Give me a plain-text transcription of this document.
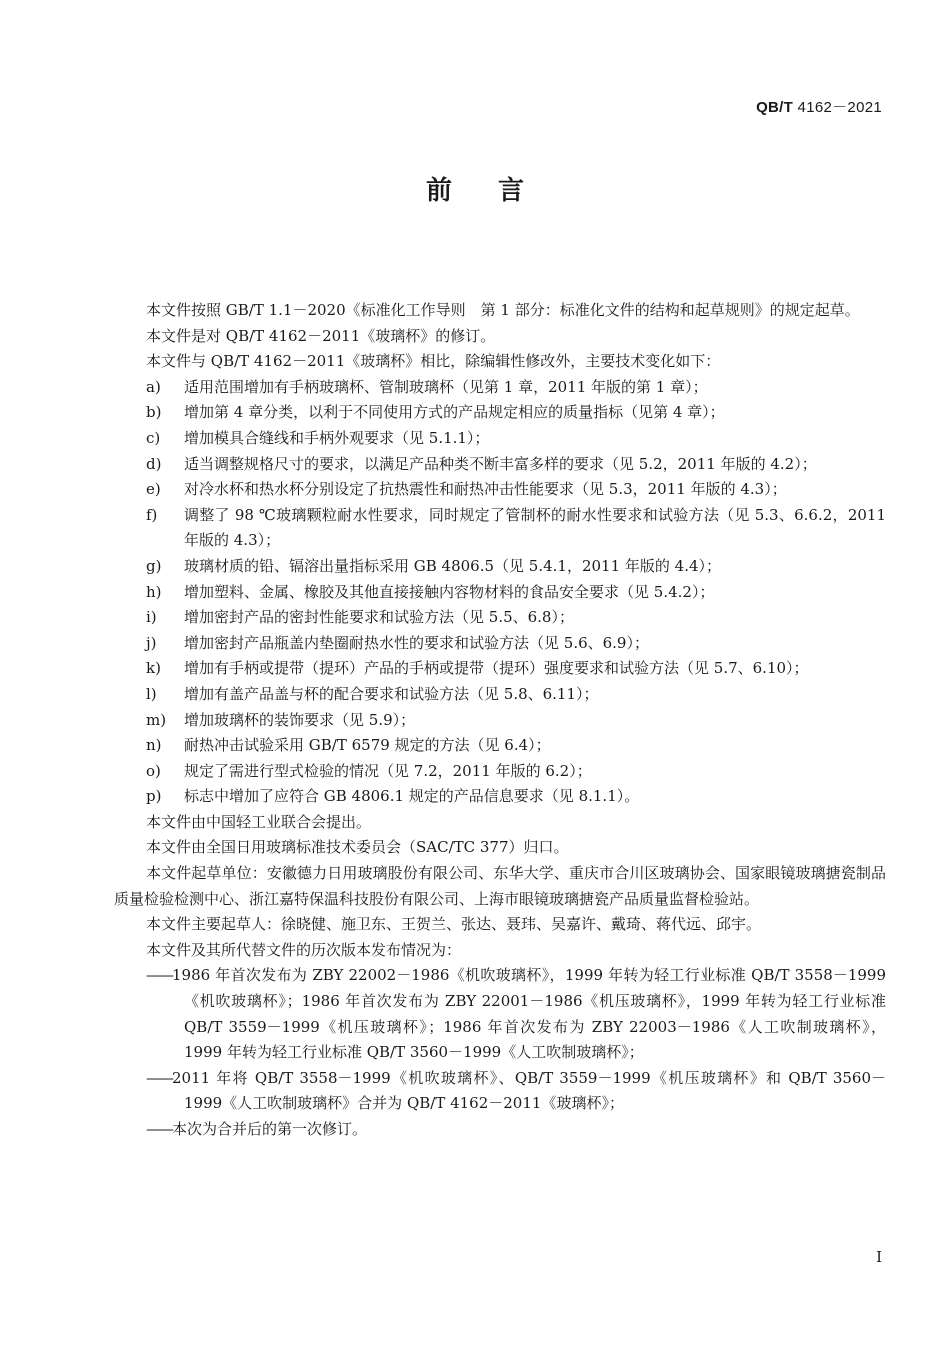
QB/T 4162－2021
前言

本文件按照 GB/T 1.1－2020《标准化工作导则　第 1 部分：标准化文件的结构和起草规则》的规定起草。

本文件是对 QB/T 4162－2011《玻璃杯》的修订。

本文件与 QB/T 4162－2011《玻璃杯》相比，除编辑性修改外，主要技术变化如下：

a)	适用范围增加有手柄玻璃杯、管制玻璃杯（见第 1 章，2011 年版的第 1 章）；
b)	增加第 4 章分类，以利于不同使用方式的产品规定相应的质量指标（见第 4 章）；
c)	增加模具合缝线和手柄外观要求（见 5.1.1）；
d)	适当调整规格尺寸的要求，以满足产品种类不断丰富多样的要求（见 5.2，2011 年版的 4.2）；
e)	对冷水杯和热水杯分别设定了抗热震性和耐热冲击性能要求（见 5.3，2011 年版的 4.3）；
f)	调整了 98 ℃玻璃颗粒耐水性要求，同时规定了管制杯的耐水性要求和试验方法（见 5.3、6.6.2，2011 年版的 4.3）；
g)	玻璃材质的铅、镉溶出量指标采用 GB 4806.5（见 5.4.1，2011 年版的 4.4）；
h)	增加塑料、金属、橡胶及其他直接接触内容物材料的食品安全要求（见 5.4.2）；
i)	增加密封产品的密封性能要求和试验方法（见 5.5、6.8）；
j)	增加密封产品瓶盖内垫圈耐热水性的要求和试验方法（见 5.6、6.9）；
k)	增加有手柄或提带（提环）产品的手柄或提带（提环）强度要求和试验方法（见 5.7、6.10）；
l)	增加有盖产品盖与杯的配合要求和试验方法（见 5.8、6.11）；
m)	增加玻璃杯的装饰要求（见 5.9）；
n)	耐热冲击试验采用 GB/T 6579 规定的方法（见 6.4）；
o)	规定了需进行型式检验的情况（见 7.2，2011 年版的 6.2）；
p)	标志中增加了应符合 GB 4806.1 规定的产品信息要求（见 8.1.1）。

本文件由中国轻工业联合会提出。

本文件由全国日用玻璃标准技术委员会（SAC/TC 377）归口。

本文件起草单位：安徽德力日用玻璃股份有限公司、东华大学、重庆市合川区玻璃协会、国家眼镜玻璃搪瓷制品质量检验检测中心、浙江嘉特保温科技股份有限公司、上海市眼镜玻璃搪瓷产品质量监督检验站。

本文件主要起草人：徐晓健、施卫东、王贺兰、张达、聂玮、吴嘉许、戴琦、蒋代远、邱宇。

本文件及其所代替文件的历次版本发布情况为：

——1986 年首次发布为 ZBY 22002－1986《机吹玻璃杯》，1999 年转为轻工行业标准 QB/T 3558－1999《机吹玻璃杯》；1986 年首次发布为 ZBY 22001－1986《机压玻璃杯》，1999 年转为轻工行业标准 QB/T 3559－1999《机压玻璃杯》；1986 年首次发布为 ZBY 22003－1986《人工吹制玻璃杯》，1999 年转为轻工行业标准 QB/T 3560－1999《人工吹制玻璃杯》；
——2011 年将 QB/T 3558－1999《机吹玻璃杯》、QB/T 3559－1999《机压玻璃杯》和 QB/T 3560－1999《人工吹制玻璃杯》合并为 QB/T 4162－2011《玻璃杯》；
——本次为合并后的第一次修订。
I
